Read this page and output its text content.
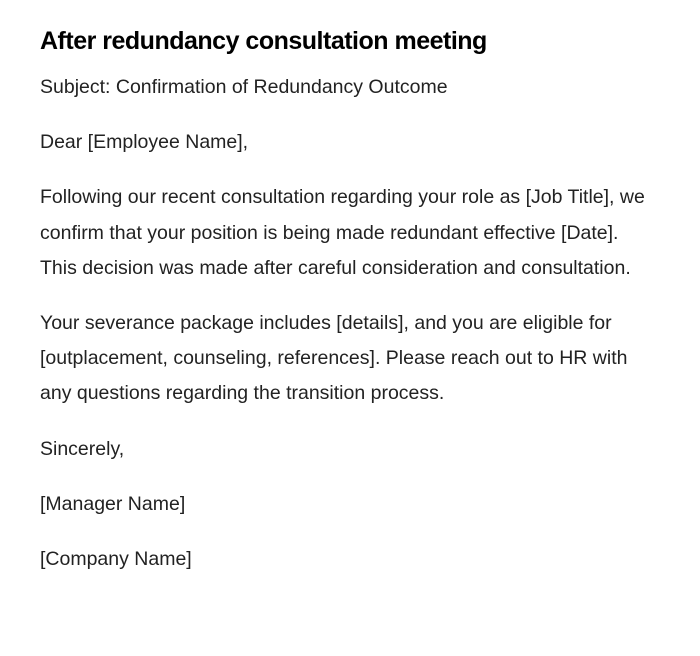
After redundancy consultation meeting

Subject: Confirmation of Redundancy Outcome

Dear [Employee Name],

Following our recent consultation regarding your role as [Job Title], we confirm that your position is being made redundant effective [Date]. This decision was made after careful consideration and consultation.

Your severance package includes [details], and you are eligible for [outplacement, counseling, references]. Please reach out to HR with any questions regarding the transition process.

Sincerely,

[Manager Name]

[Company Name]
